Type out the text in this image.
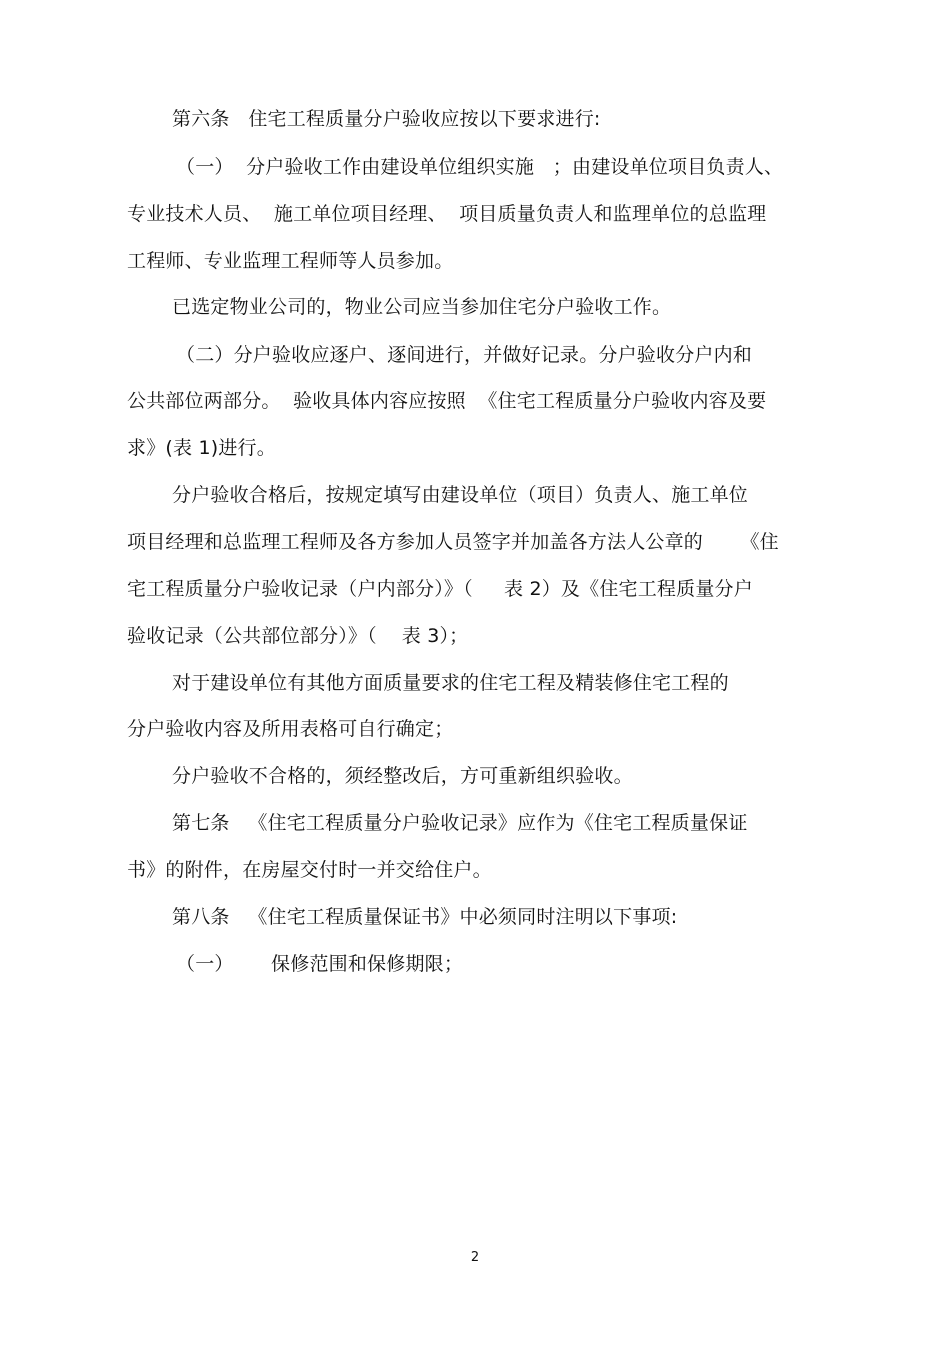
第六条   住宅工程质量分户验收应按以下要求进行:
（一）  分户验收工作由建设单位组织实施   ；由建设单位项目负责人、
专业技术人员、  施工单位项目经理、  项目质量负责人和监理单位的总监理
工程师、专业监理工程师等人员参加。
已选定物业公司的，物业公司应当参加住宅分户验收工作。
（二）分户验收应逐户、逐间进行，并做好记录。分户验收分户内和
公共部位两部分。  验收具体内容应按照  《住宅工程质量分户验收内容及要
求》(表 1)进行。
分户验收合格后，按规定填写由建设单位（项目）负责人、施工单位
项目经理和总监理工程师及各方参加人员签字并加盖各方法人公章的      《住
宅工程质量分户验收记录（户内部分）》（     表 2）及《住宅工程质量分户
验收记录（公共部位部分）》（    表 3）；
对于建设单位有其他方面质量要求的住宅工程及精装修住宅工程的
分户验收内容及所用表格可自行确定；
分户验收不合格的，须经整改后，方可重新组织验收。
第七条   《住宅工程质量分户验收记录》应作为《住宅工程质量保证
书》的附件，在房屋交付时一并交给住户。
第八条   《住宅工程质量保证书》中必须同时注明以下事项:
（一）      保修范围和保修期限；
2
